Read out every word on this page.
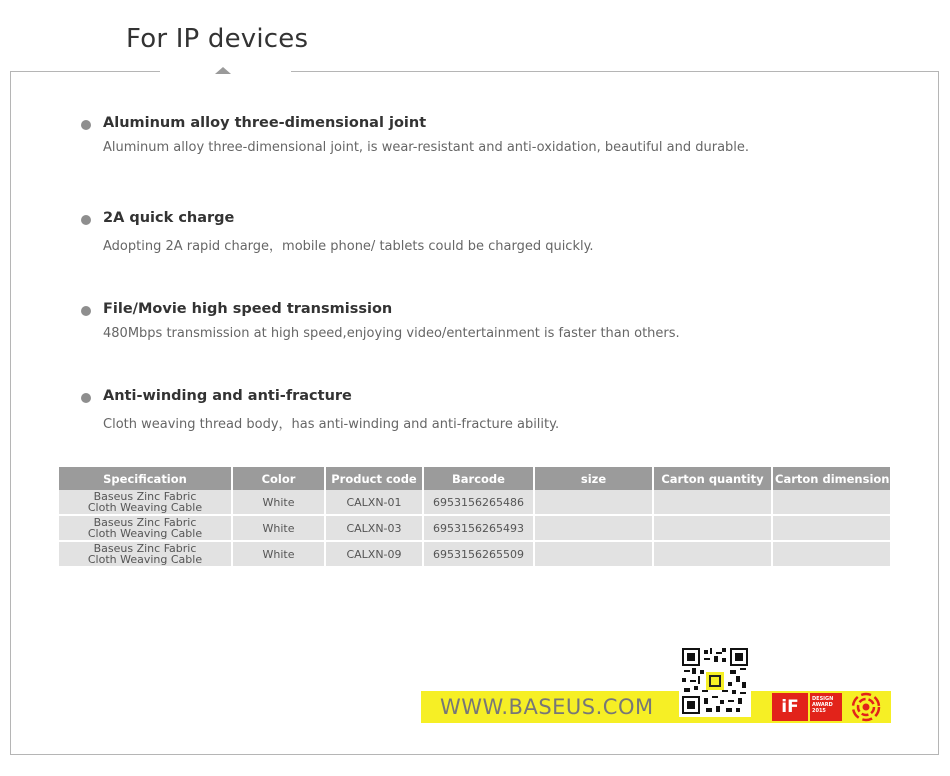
For IP devices
Aluminum alloy three-dimensional joint
Aluminum alloy three-dimensional joint, is wear-resistant and anti-oxidation, beautiful and durable.
2A quick charge
Adopting 2A rapid charge，mobile phone/ tablets could be charged quickly.
File/Movie high speed transmission
480Mbps transmission at high speed,enjoying video/entertainment is faster than others.
Anti-winding and anti-fracture
Cloth weaving thread body，has anti-winding and anti-fracture ability.
Specification	Color	Product code	Barcode	size	Carton quantity	Carton dimension

Baseus Zinc Fabric
Cloth Weaving Cable	White	CALXN-01	6953156265486			

Baseus Zinc Fabric
Cloth Weaving Cable	White	CALXN-03	6953156265493			

Baseus Zinc Fabric
Cloth Weaving Cable	White	CALXN-09	6953156265509			
WWW.BASEUS.COM	iF	DESIGN
AWARD
2015
